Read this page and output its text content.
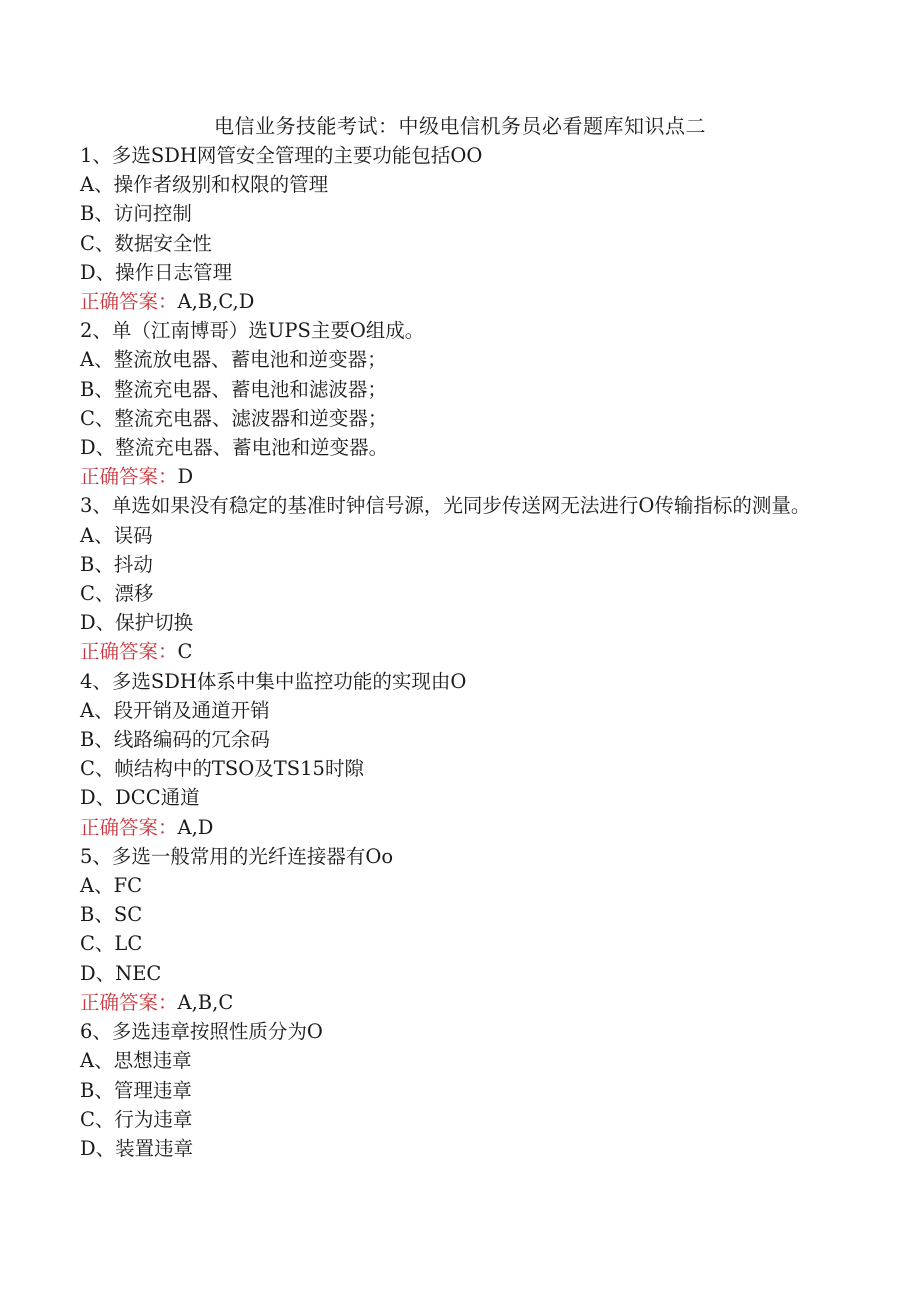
电信业务技能考试：中级电信机务员必看题库知识点二
1、多选SDH网管安全管理的主要功能包括OO
A、操作者级别和权限的管理
B、访问控制
C、数据安全性
D、操作日志管理
正确答案：A,B,C,D
2、单（江南博哥）选UPS主要O组成。
A、整流放电器、蓄电池和逆变器；
B、整流充电器、蓄电池和滤波器；
C、整流充电器、滤波器和逆变器；
D、整流充电器、蓄电池和逆变器。
正确答案：D
3、单选如果没有稳定的基准时钟信号源，光同步传送网无法进行O传输指标的测量。
A、误码
B、抖动
C、漂移
D、保护切换
正确答案：C
4、多选SDH体系中集中监控功能的实现由O
A、段开销及通道开销
B、线路编码的冗余码
C、帧结构中的TSO及TS15时隙
D、DCC通道
正确答案：A,D
5、多选一般常用的光纤连接器有Oo
A、FC
B、SC
C、LC
D、NEC
正确答案：A,B,C
6、多选违章按照性质分为O
A、思想违章
B、管理违章
C、行为违章
D、装置违章
